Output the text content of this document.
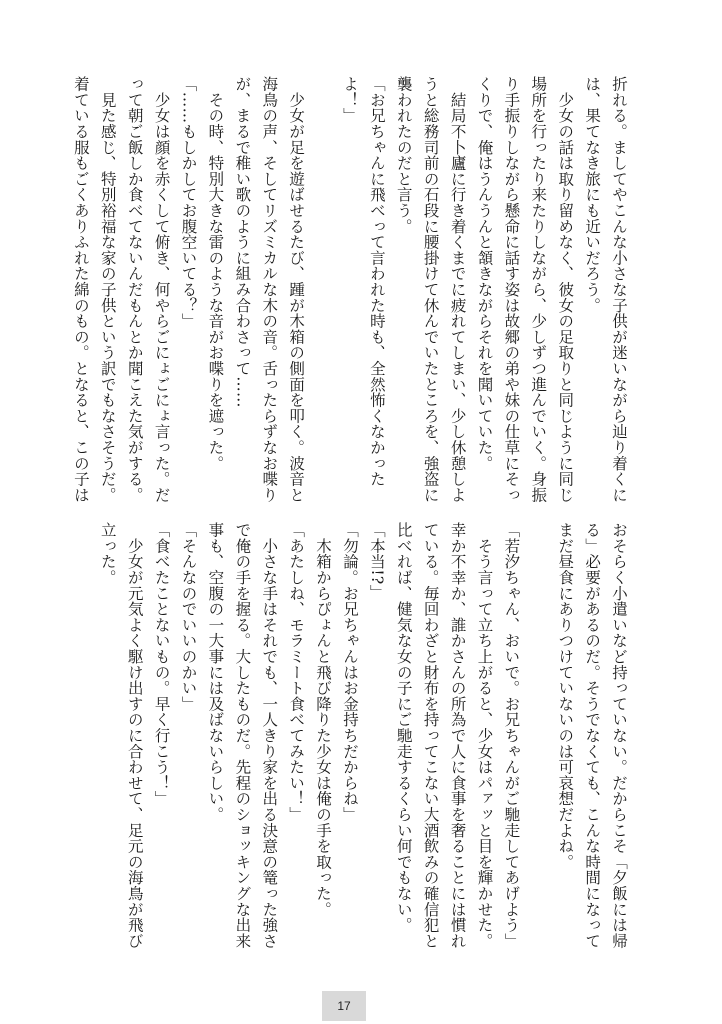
折れる。ましてやこんな小さな子供が迷いながら辿り着くに
は、果てなき旅にも近いだろう。
　少女の話は取り留めなく、彼女の足取りと同じように同じ
場所を行ったり来たりしながら、少しずつ進んでいく。身振
り手振りしながら懸命に話す姿は故郷の弟や妹の仕草にそっ
くりで、俺はうんうんと頷きながらそれを聞いていた。
　結局不卜廬に行き着くまでに疲れてしまい、少し休憩しよ
うと総務司前の石段に腰掛けて休んでいたところを、強盗に
襲われたのだと言う。
「お兄ちゃんに飛べって言われた時も、全然怖くなかった
よ！」
　少女が足を遊ばせるたび、踵が木箱の側面を叩く。波音と
海鳥の声、そしてリズミカルな木の音。舌ったらずなお喋り
が、まるで稚い歌のように組み合わさって……
　その時、特別大きな雷のような音がお喋りを遮った。
「……もしかしてお腹空いてる？」
　少女は顔を赤くして俯き、何やらごにょごにょ言った。だ
って朝ご飯しか食べてないんだもんとか聞こえた気がする。
　見た感じ、特別裕福な家の子供という訳でもなさそうだ。
着ている服もごくありふれた綿のもの。となると、この子は
おそらく小遣いなど持っていない。だからこそ「夕飯には帰
る」必要があるのだ。そうでなくても、こんな時間になって
まだ昼食にありつけていないのは可哀想だよね。
「若汐ちゃん、おいで。お兄ちゃんがご馳走してあげよう」
　そう言って立ち上がると、少女はパァッと目を輝かせた。
幸か不幸か、誰かさんの所為で人に食事を奢ることには慣れ
ている。毎回わざと財布を持ってこない大酒飲みの確信犯と
比べれば、健気な女の子にご馳走するくらい何でもない。
「本当!?」
「勿論。お兄ちゃんはお金持ちだからね」
　木箱からぴょんと飛び降りた少女は俺の手を取った。
「あたしね、モラミート食べてみたい！」
　小さな手はそれでも、一人きり家を出る決意の篭った強さ
で俺の手を握る。大したものだ。先程のショッキングな出来
事も、空腹の一大事には及ばないらしい。
「そんなのでいいのかい」
「食べたことないもの。早く行こう！」
　少女が元気よく駆け出すのに合わせて、足元の海鳥が飛び
立った。
17
